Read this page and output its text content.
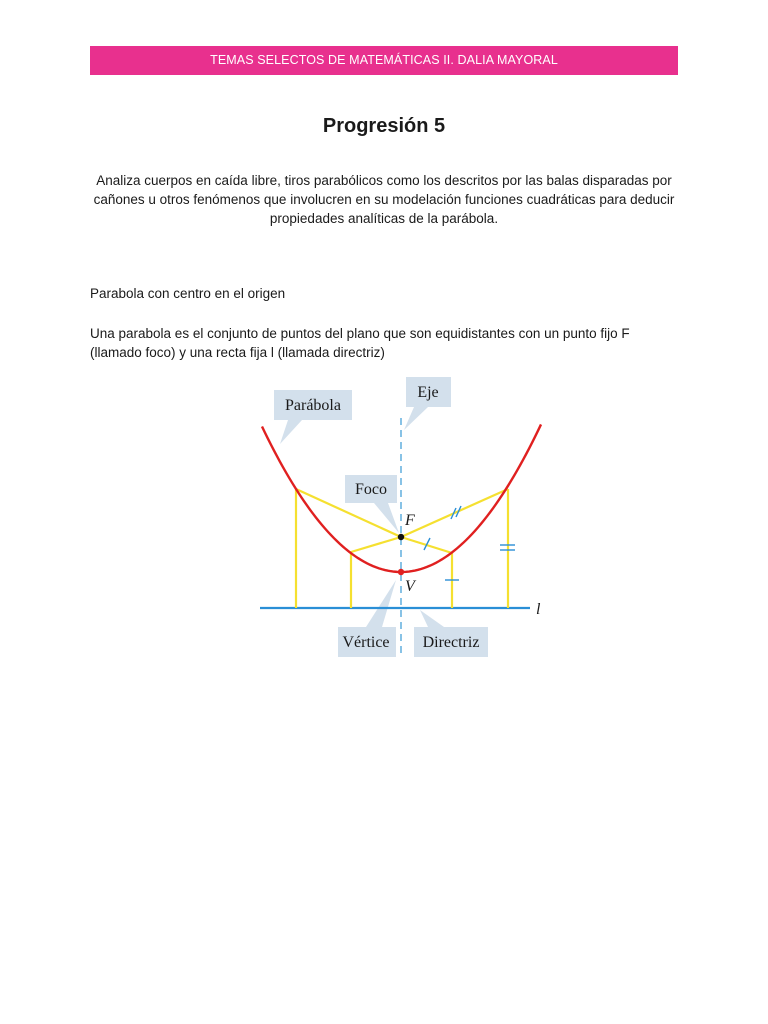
TEMAS SELECTOS DE MATEMÁTICAS II. DALIA MAYORAL
Progresión 5
Analiza cuerpos en caída libre, tiros parabólicos como los descritos por las balas disparadas por cañones u otros fenómenos que involucren en su modelación funciones cuadráticas para deducir propiedades analíticas de la parábola.
Parabola con centro en el origen
Una parabola es el conjunto de puntos del plano que son equidistantes con un punto fijo F (llamado foco) y una recta fija l (llamada directriz)
Parábola
Eje
Foco
Vértice Directriz
F
V
l
